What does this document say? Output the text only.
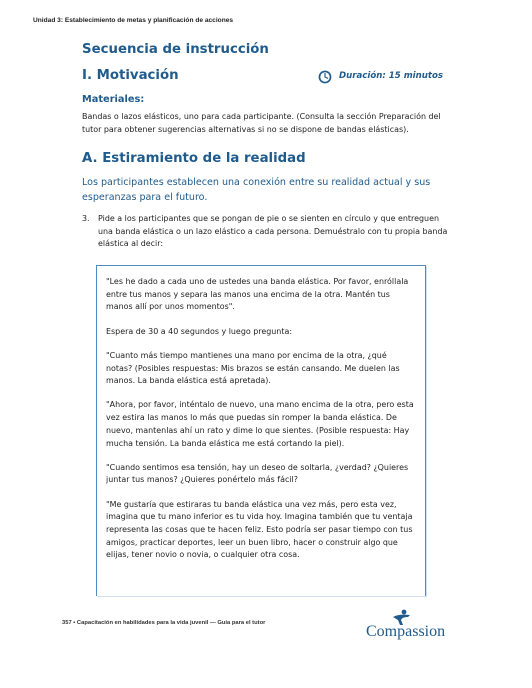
Unidad 3: Establecimiento de metas y planificación de acciones
Secuencia de instrucción
I. Motivación	Duración: 15 minutos
Materiales:

Bandas o lazos elásticos, uno para cada participante. (Consulta la sección Preparación del tutor para obtener sugerencias alternativas si no se dispone de bandas elásticas).

A. Estiramiento de la realidad

Los participantes establecen una conexión entre su realidad actual y sus esperanzas para el futuro.

3. Pide a los participantes que se pongan de pie o se sienten en círculo y que entreguen una banda elástica o un lazo elástico a cada persona. Demuéstralo con tu propia banda elástica al decir:

"Les he dado a cada uno de ustedes una banda elástica. Por favor, enróllala entre tus manos y separa las manos una encima de la otra. Mantén tus manos allí por unos momentos".

Espera de 30 a 40 segundos y luego pregunta:

"Cuanto más tiempo mantienes una mano por encima de la otra, ¿qué notas? (Posibles respuestas: Mis brazos se están cansando. Me duelen las manos. La banda elástica está apretada).

"Ahora, por favor, inténtalo de nuevo, una mano encima de la otra, pero esta vez estira las manos lo más que puedas sin romper la banda elástica. De nuevo, mantenlas ahí un rato y dime lo que sientes. (Posible respuesta: Hay mucha tensión. La banda elástica me está cortando la piel).

"Cuando sentimos esa tensión, hay un deseo de soltarla, ¿verdad? ¿Quieres juntar tus manos? ¿Quieres ponértelo más fácil?

"Me gustaría que estiraras tu banda elástica una vez más, pero esta vez, imagina que tu mano inferior es tu vida hoy. Imagina también que tu ventaja representa las cosas que te hacen feliz. Esto podría ser pasar tiempo con tus amigos, practicar deportes, leer un buen libro, hacer o construir algo que elijas, tener novio o novia, o cualquier otra cosa.

357 • Capacitación en habilidades para la vida juvenil — Guía para el tutor	Compassion
